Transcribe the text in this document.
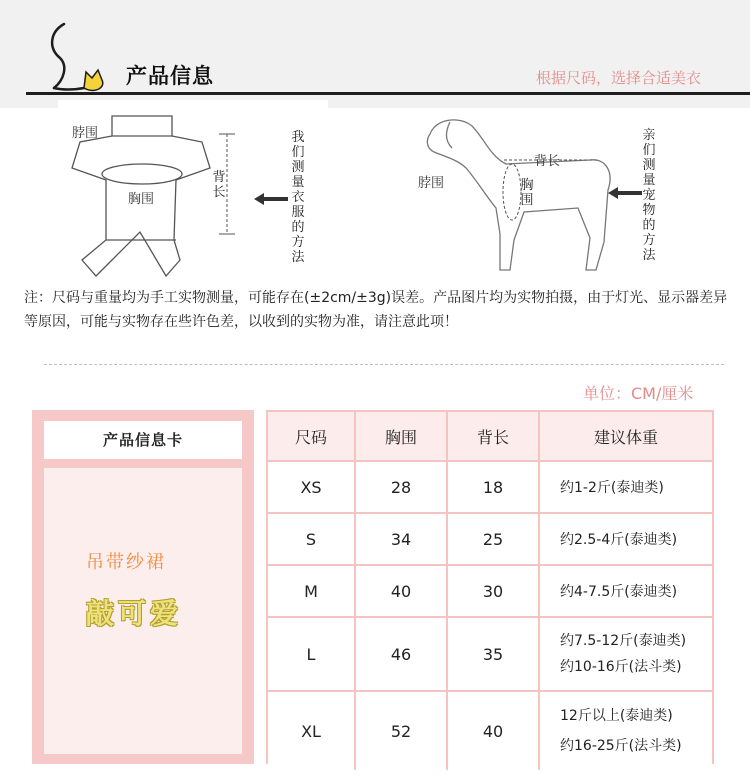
产品信息	根据尺码，选择合适美衣
脖围
胸围
背长
我们测量衣服的方法
脖围
背长
胸围
亲们测量宠物的方法
注：尺码与重量均为手工实物测量，可能存在(±2cm/±3g)误差。产品图片均为实物拍摄，由于灯光、显示器差异等原因，可能与实物存在些许色差，以收到的实物为准，请注意此项！
单位：CM/厘米
产品信息卡
吊带纱裙
敲可爱
尺码	胸围	背长	建议体重
XS	28	18	约1-2斤(泰迪类)
S	34	25	约2.5-4斤(泰迪类)
M	40	30	约4-7.5斤(泰迪类)
L	46	35	约7.5-12斤(泰迪类)
约10-16斤(法斗类)

XL	52	40	12斤以上(泰迪类)
约16-25斤(法斗类)
